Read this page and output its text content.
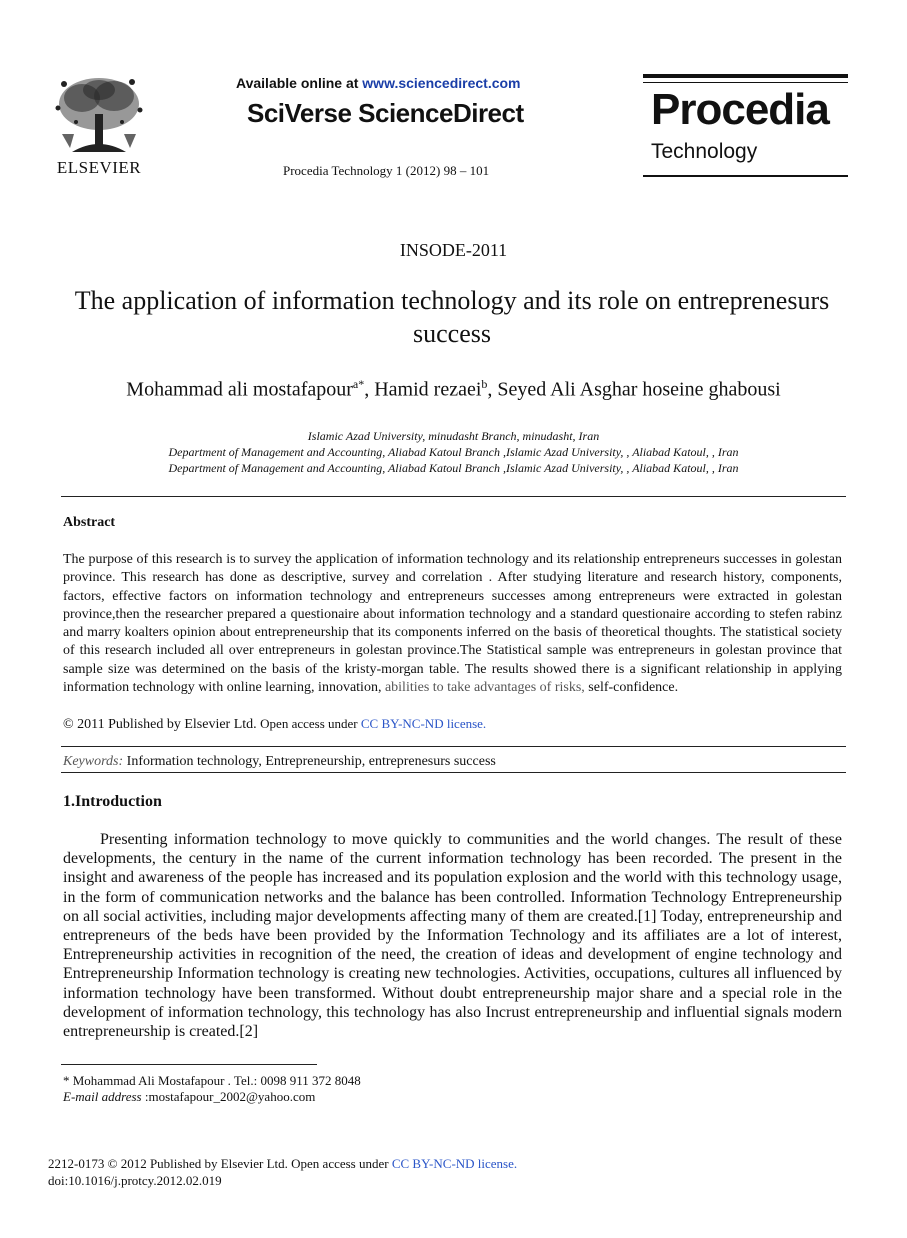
ELSEVIER
Available online at www.sciencedirect.com
SciVerse ScienceDirect
Procedia Technology 1 (2012) 98 – 101
Procedia
Technology
INSODE-2011
The application of information technology and its role on entreprenesurs success
Mohammad ali mostafapour$^{a*}$, Hamid rezaei$^b$, Seyed Ali Asghar hoseine ghabousi
Islamic Azad University, minudasht Branch, minudasht, Iran
Department of Management and Accounting, Aliabad Katoul Branch ,Islamic Azad University, , Aliabad Katoul, , Iran
Department of Management and Accounting, Aliabad Katoul Branch ,Islamic Azad University, , Aliabad Katoul, , Iran
Abstract
The purpose of this research is to survey the application of information technology and its relationship entrepreneurs successes in golestan province. This research has done as descriptive, survey and correlation . After studying literature and research history, components, factors, effective factors on information technology and entrepreneurs successes among entrepreneurs were extracted in golestan province,then the researcher prepared a questionaire about information technology and a standard questionaire according to stefen rabinz and marry koalters opinion about entrepreneurship that its components inferred on the basis of theoretical thoughts. The statistical society of this research included all over entrepreneurs in golestan province.The Statistical sample was entrepreneurs in golestan province that sample size was determined on the basis of the kristy-morgan table. The results showed there is a significant relationship in applying information technology with online learning, innovation, abilities to take advantages of risks, self-confidence.
© 2011 Published by Elsevier Ltd. Open access under CC BY-NC-ND license.
Keywords: Information technology, Entrepreneurship, entreprenesurs success
1.Introduction
Presenting information technology to move quickly to communities and the world changes. The result of these developments, the century in the name of the current information technology has been recorded. The present in the insight and awareness of the people has increased and its population explosion and the world with this technology usage, in the form of communication networks and the balance has been controlled. Information Technology Entrepreneurship on all social activities, including major developments affecting many of them are created.[1] Today, entrepreneurship and entrepreneurs of the beds have been provided by the Information Technology and its affiliates are a lot of interest, Entrepreneurship activities in recognition of the need, the creation of ideas and development of engine technology and Entrepreneurship Information technology is creating new technologies. Activities, occupations, cultures all influenced by information technology have been transformed. Without doubt entrepreneurship major share and a special role in the development of information technology, this technology has also Incrust entrepreneurship and influential signals modern entrepreneurship is created.[2]
* Mohammad Ali Mostafapour . Tel.: 0098 911 372 8048
E-mail address :mostafapour_2002@yahoo.com
2212-0173 © 2012 Published by Elsevier Ltd. Open access under CC BY-NC-ND license.
doi:10.1016/j.protcy.2012.02.019
